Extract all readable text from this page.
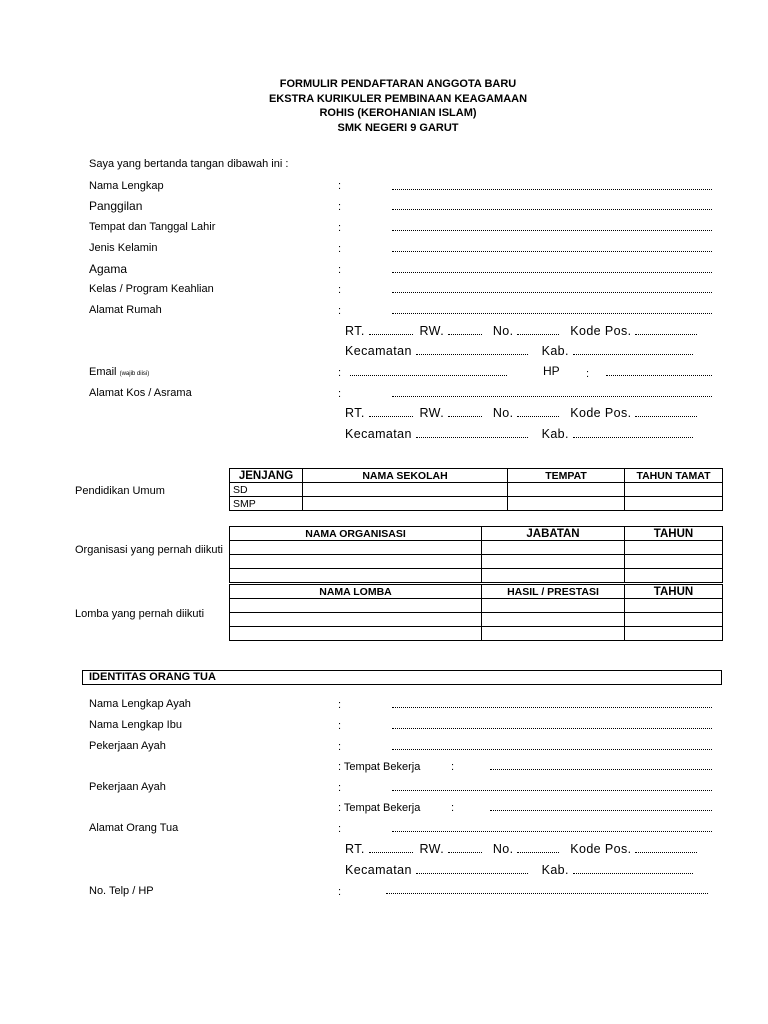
FORMULIR PENDAFTARAN ANGGOTA BARU
EKSTRA KURIKULER PEMBINAAN KEAGAMAAN
ROHIS (KEROHANIAN ISLAM)
SMK NEGERI 9 GARUT
Saya yang bertanda tangan dibawah ini :
Nama Lengkap	:
Panggilan	:
Tempat dan Tanggal Lahir	:
Jenis Kelamin	:
Agama	:
Kelas / Program Keahlian	:
Alamat Rumah	:
RT.	RW.	No.	Kode Pos.
Kecamatan	Kab.
Email (wajib diisi)	:	HP :
Alamat Kos / Asrama	:
RT.	RW.	No.	Kode Pos.
Kecamatan	Kab.
Pendidikan Umum
JENJANG	NAMA SEKOLAH	TEMPAT	TAHUN TAMAT
SD			
SMP			
Organisasi yang pernah diikuti
NAMA ORGANISASI	JABATAN	TAHUN

Lomba yang pernah diikuti
NAMA LOMBA	HASIL / PRESTASI	TAHUN

IDENTITAS ORANG TUA
Nama Lengkap Ayah	:
Nama Lengkap Ibu	:
Pekerjaan Ayah	:
: Tempat Bekerja	:
Pekerjaan Ayah	:
: Tempat Bekerja	:
Alamat Orang Tua	:
RT.	RW.	No.	Kode Pos.
Kecamatan	Kab.
No. Telp / HP	:
